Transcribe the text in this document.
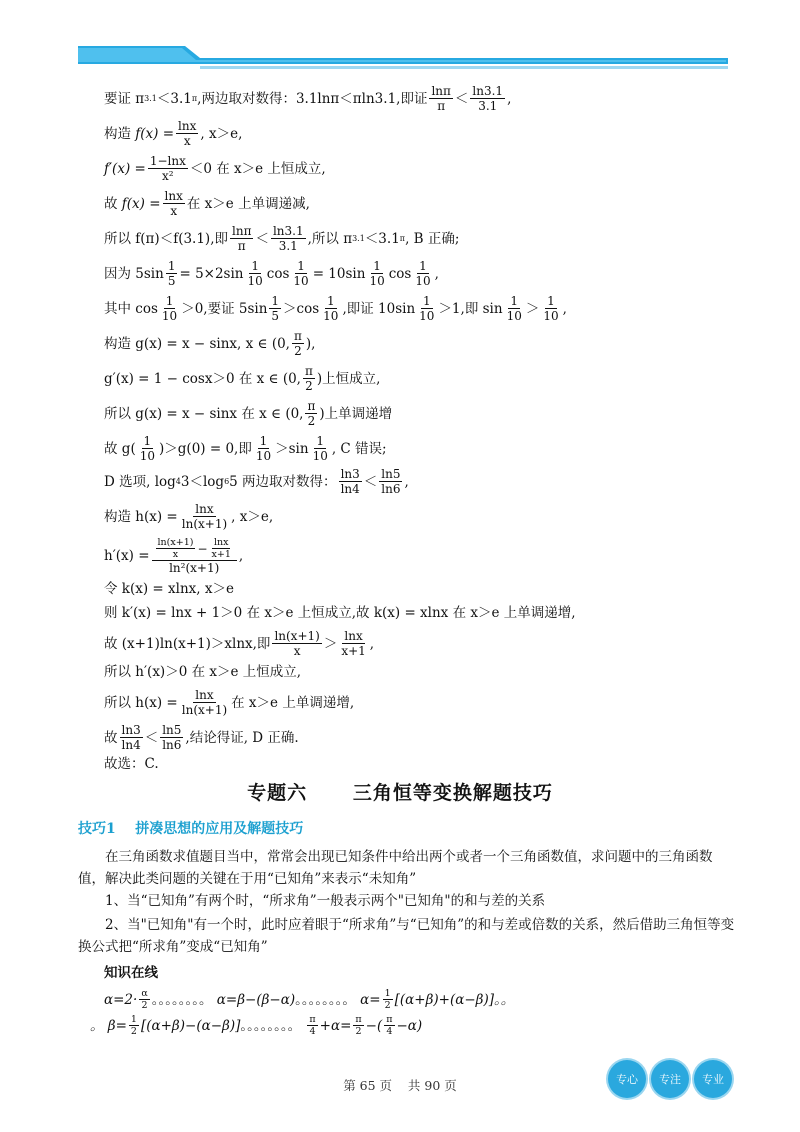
要证 π 3.1 ＜3.1 π ,两边取对数得：3.1lnπ＜πln3.1,即证 $\frac{\ln\pi}{\pi} < \frac{\ln 3.1}{3.1}$ ,
构造
$f(x) = \frac{\ln x}{x}$ , x＞e,
$f'(x) = \frac{1-\ln x}{\text{x²}} <0$ 在 x＞e 上恒成立,
故
$f(x) = \frac{\ln x}{x}$ 在 x＞e 上单调递减,
所以 f(π)＜f(3.1),即 $\frac{\ln\pi}{\pi} < \frac{\ln 3.1}{3.1}$ ,所以 π 3.1 ＜3.1 π , B 正确;
因为 $5\sin \frac{1}{5} = 5\times 2\sin \frac{1}{10}$ $\cos \frac{1}{10} = 10\sin \frac{1}{10}$ $\cos \frac{1}{10}$ ,
其中 $\cos \frac{1}{10} >0$,要证 $5\sin \frac{1}{5} >\cos \frac{1}{10}$ ,即证 $10\sin \frac{1}{10} >1$,即 $\sin \frac{1}{10} > \frac{1}{10}$ ,
构造 g(x) = x − sinx, x ∈ (0, $\frac{\pi}{2}$ ),
g′(x) = 1 − cosx＞0 在 x ∈ (0, $\frac{\pi}{2}$ ) 上恒成立,
所以 g(x) = x − sinx 在 x ∈ (0, $\frac{\pi}{2}$ ) 上单调递增
故 g ( $\frac{1}{10}$ ) ＞g(0) = 0,即 $\frac{1}{10} >\sin \frac{1}{10}$ , C 错误;
D 选项, log 4 3＜log 6 5 两边取对数得： $\frac{\ln 3}{\ln 4} < \frac{\ln 5}{\ln 6}$ ,
构造 $h(x) = \frac{\ln x}{\ln(x+1)}$ , x＞e,
$h'(x) = \frac{\frac{\ln(x+1)}{x} - \frac{\ln x}{x+1}}{\text{ln²(x+1)}}$ ,
令 k(x) = xlnx, x＞e
则 k′(x) = lnx + 1＞0 在 x＞e 上恒成立,故 k(x) = xlnx 在 x＞e 上单调递增,
故 (x+1)ln(x+1)＞xlnx,即 $\frac{\ln(x+1)}{x} > \frac{\ln x}{x+1}$ ,
所以 h′(x)＞0 在 x＞e 上恒成立,
所以 $h(x) = \frac{\ln x}{\ln(x+1)}$ 在 x＞e 上单调递增,
故 $\frac{\ln 3}{\ln 4} < \frac{\ln 5}{\ln 6}$ ,结论得证, D 正确.
故选：C.
专题六      三角恒等变换解题技巧
技巧1    拼凑思想的应用及解题技巧
在三角函数求值题目当中，常常会出现已知条件中给出两个或者一个三角函数值，求问题中的三角函数值，解决此类问题的关键在于用“已知角”来表示“未知角”
1、当“已知角”有两个时，“所求角”一般表示两个"已知角"的和与差的关系
2、当"已知角"有一个时，此时应着眼于“所求角”与“已知角”的和与差或倍数的关系，然后借助三角恒等变换公式把“所求角”变成“已知角”
知识在线
$\alpha=2\cdot \frac{\alpha}{2}$ 。。。。。。。。
α=β−(β−α) 。。。。。。。。
$\alpha= \frac{1}{2} [(\alpha+\beta)+(\alpha-\beta)]$。。
。 $\beta= \frac{1}{2} [(\alpha+\beta)-(\alpha-\beta)]$ 。。。。。。。。
$\frac{\pi}{4} +\alpha= \frac{\pi}{2}$ −( $\frac{\pi}{4} -\alpha$)
第 65 页    共 90 页	专心	专注	专业
